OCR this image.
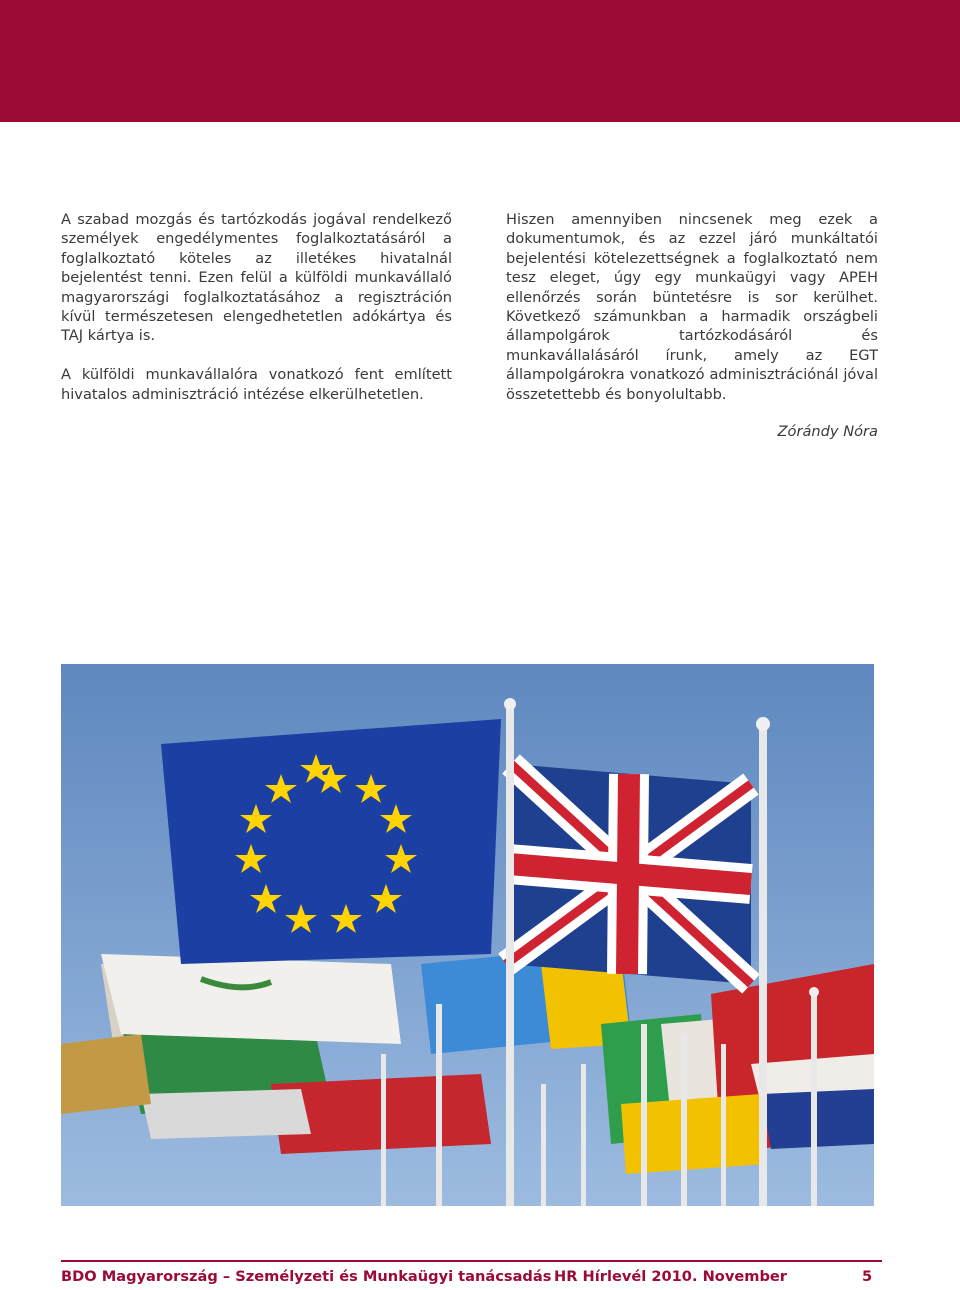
A szabad mozgás és tartózkodás jogával rendelkező személyek engedélymentes foglalkoztatásáról a foglalkoztató köteles az illetékes hivatalnál bejelentést tenni. Ezen felül a külföldi munkavállaló magyarországi foglalkoztatásához a regisztráción kívül természetesen elengedhetetlen adókártya és TAJ kártya is.

A külföldi munkavállalóra vonatkozó fent említett hivatalos adminisztráció intézése elkerülhetetlen.

Hiszen amennyiben nincsenek meg ezek a dokumentumok, és az ezzel járó munkáltatói bejelentési kötelezettségnek a foglalkoztató nem tesz eleget, úgy egy munkaügyi vagy APEH ellenőrzés során büntetésre is sor kerülhet. Következő számunkban a harmadik országbeli állampolgárok tartózkodásáról és munkavállalásáról írunk, amely az EGT állampolgárokra vonatkozó adminisztrációnál jóval összetettebb és bonyolultabb.

Zórándy Nóra
BDO Magyarország – Személyzeti és Munkaügyi tanácsadás HR Hírlevél 2010. November	5
